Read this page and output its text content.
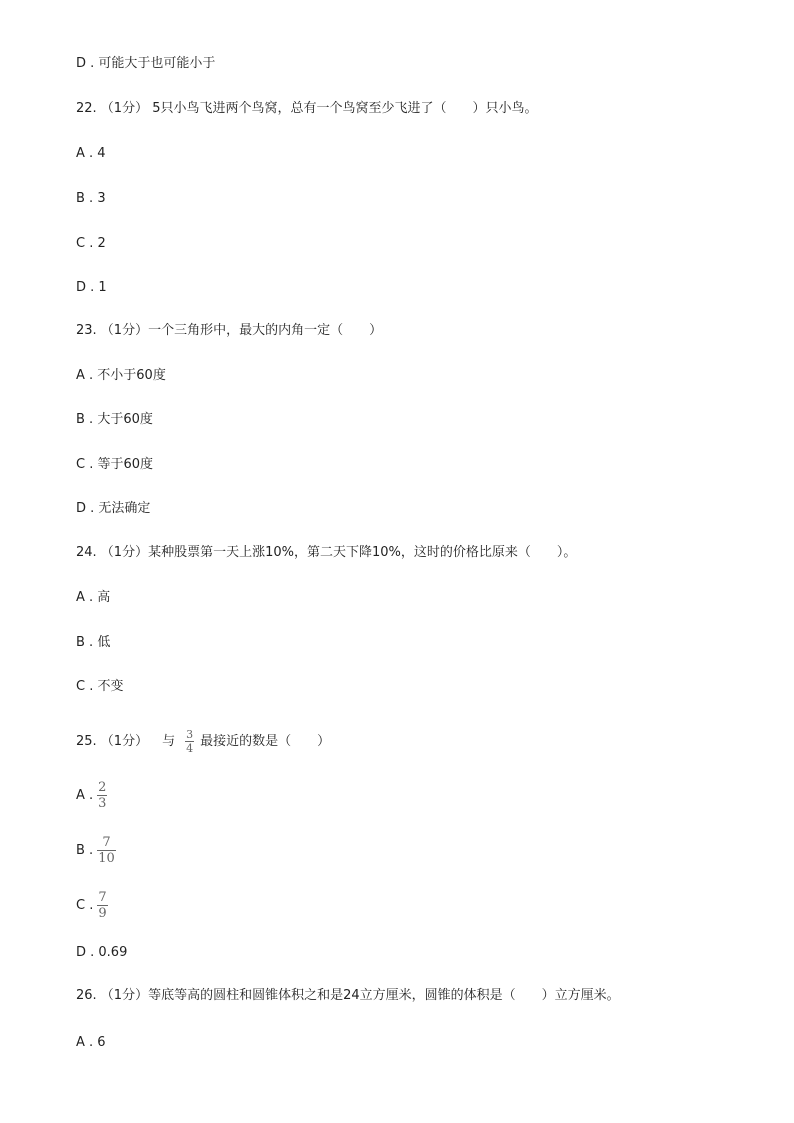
D . 可能大于也可能小于
22. （1分） 5只小鸟飞进两个鸟窝，总有一个鸟窝至少飞进了（　　）只小鸟。
A . 4
B . 3
C . 2
D . 1
23. （1分）一个三角形中，最大的内角一定（　　）
A . 不小于60度
B . 大于60度
C . 等于60度
D . 无法确定
24. （1分）某种股票第一天上涨10%，第二天下降10%，这时的价格比原来（　　）。
A . 高
B . 低
C . 不变
25. （1分） 与 $\frac{3}{4}$ 最接近的数是（　　）
A . $\frac{2}{3}$
B . $\frac{7}{10}$
C . $\frac{7}{9}$
D . 0.69
26. （1分）等底等高的圆柱和圆锥体积之和是24立方厘米，圆锥的体积是（　　）立方厘米。
A . 6
